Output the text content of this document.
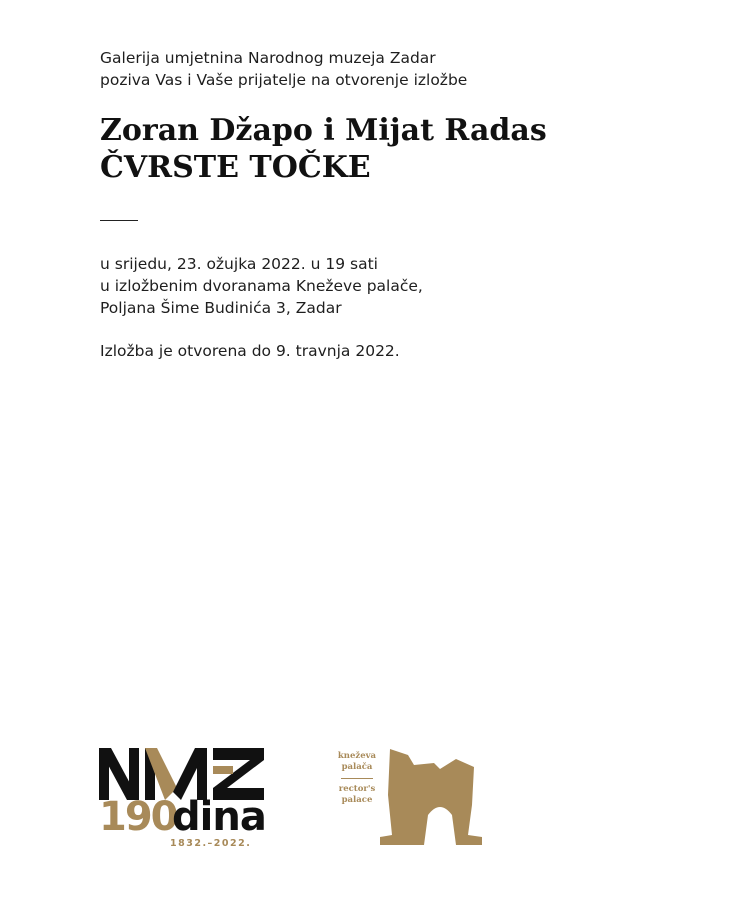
Galerija umjetnina Narodnog muzeja Zadar
poziva Vas i Vaše prijatelje na otvorenje izložbe
Zoran Džapo i Mijat Radas
ČVRSTE TOČKE
u srijedu, 23. ožujka 2022. u 19 sati
u izložbenim dvoranama Kneževe palače,
Poljana Šime Budinića 3, Zadar
Izložba je otvorena do 9. travnja 2022.
190
dina
1832.–2022.
kneževa
palača
rector's
palace
